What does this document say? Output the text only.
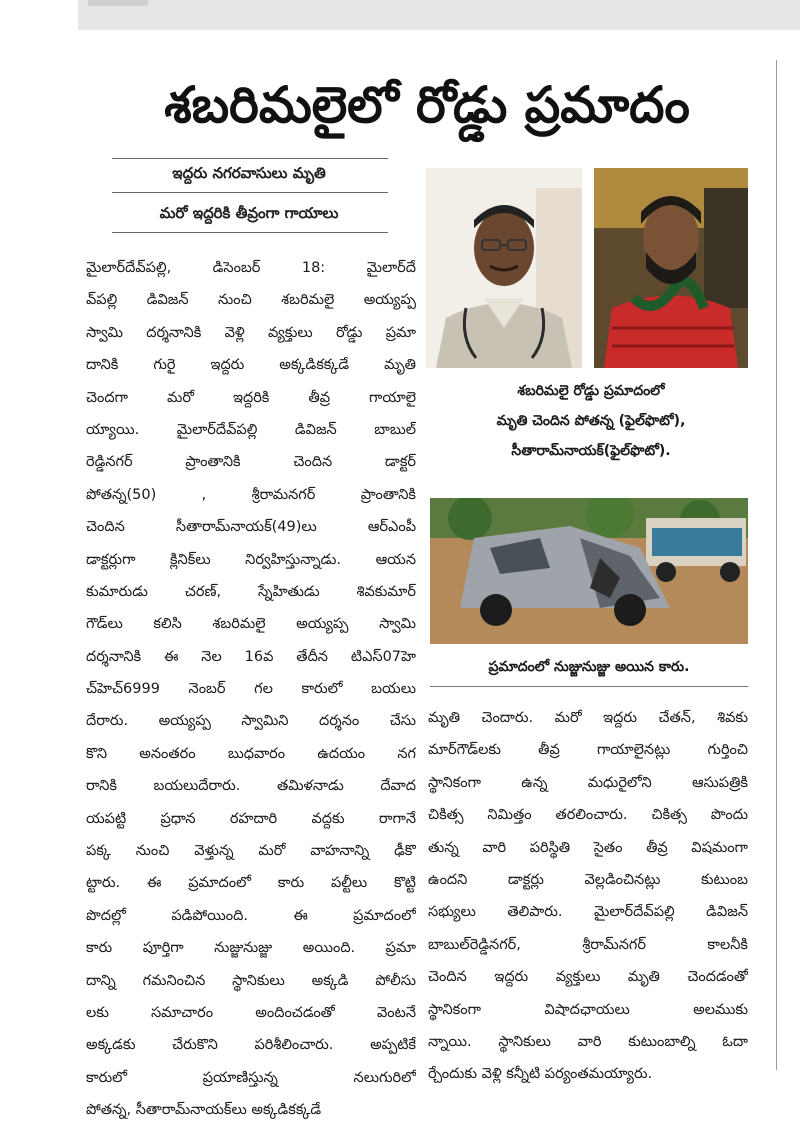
శబరిమలైలో రోడ్డు ప్రమాదం
ఇద్దరు నగరవాసులు మృతి
మరో ఇద్దరికి తీవ్రంగా గాయాలు
మైలార్‌దేవ్‌పల్లి, డిసెంబర్ 18: మైలార్‌దే
వ్‌పల్లి డివిజన్ నుంచి శబరిమలై అయ్యప్ప
స్వామి దర్శనానికి వెళ్లి వ్యక్తులు రోడ్డు ప్రమా
దానికి గురై ఇద్దరు అక్కడికక్కడే మృతి
చెందగా మరో ఇద్దరికి తీవ్ర గాయాలై
య్యాయి. మైలార్‌దేవ్‌పల్లి డివిజన్ బాబుల్
రెడ్డినగర్ ప్రాంతానికి చెందిన డాక్టర్
పోతన్న(50) , శ్రీరామనగర్ ప్రాంతానికి
చెందిన సీతారామ్‌నాయక్(49)లు ఆర్‌ఎంపీ
డాక్టర్లుగా క్లినిక్‌లు నిర్వహిస్తున్నాడు. ఆయన
కుమారుడు చరణ్, స్నేహితుడు శివకుమార్
గౌడ్‌లు కలిసి శబరిమలై అయ్యప్ప స్వామి
దర్శనానికి ఈ నెల 16వ తేదీన టిఎస్07హె
చ్‌హెచ్6999 నెంబర్ గల కారులో బయలు
దేరారు. అయ్యప్ప స్వామిని దర్శనం చేసు
కొని అనంతరం బుధవారం ఉదయం నగ
రానికి బయలుదేరారు. తమిళనాడు దేవాద
యపట్టి ప్రధాన రహదారి వద్దకు రాగానే
పక్క నుంచి వెళ్తున్న మరో వాహనాన్ని ఢీకొ
ట్టారు. ఈ ప్రమాదంలో కారు పల్టీలు కొట్టి
పొదల్లో పడిపోయింది. ఈ ప్రమాదంలో
కారు పూర్తిగా నుజ్జునుజ్జు అయింది. ప్రమా
దాన్ని గమనించిన స్థానికులు అక్కడి పోలీసు
లకు సమాచారం అందించడంతో వెంటనే
అక్కడకు చేరుకొని పరిశీలించారు. అప్పటికే
కారులో ప్రయాణిస్తున్న నలుగురిలో
పోతన్న, సీతారామ్‌నాయక్‌లు అక్కడికక్కడే
శబరిమలై రోడ్డు ప్రమాదంలో
మృతి చెందిన పోతన్న (ఫైల్‌ఫొటో),
సీతారామ్‌నాయక్(ఫైల్‌ఫొటో).
ప్రమాదంలో నుజ్జునుజ్జు అయిన కారు.
మృతి చెందారు. మరో ఇద్దరు చేతన్, శివకు
మార్‌గౌడ్‌లకు తీవ్ర గాయాలైనట్లు గుర్తించి
స్థానికంగా ఉన్న మధురైలోని ఆసుపత్రికి
చికిత్స నిమిత్తం తరలించారు. చికిత్స పొందు
తున్న వారి పరిస్థితి సైతం తీవ్ర విషమంగా
ఉందని డాక్టర్లు వెల్లడించినట్లు కుటుంబ
సభ్యులు తెలిపారు. మైలార్‌దేవ్‌పల్లి డివిజన్
బాబుల్‌రెడ్డినగర్, శ్రీరామ్‌నగర్ కాలనీకి
చెందిన ఇద్దరు వ్యక్తులు మృతి చెందడంతో
స్థానికంగా విషాదఛాయలు అలముకు
న్నాయి. స్థానికులు వారి కుటుంబాల్ని ఓదా
ర్చేందుకు వెళ్లి కన్నీటి పర్యంతమయ్యారు.
